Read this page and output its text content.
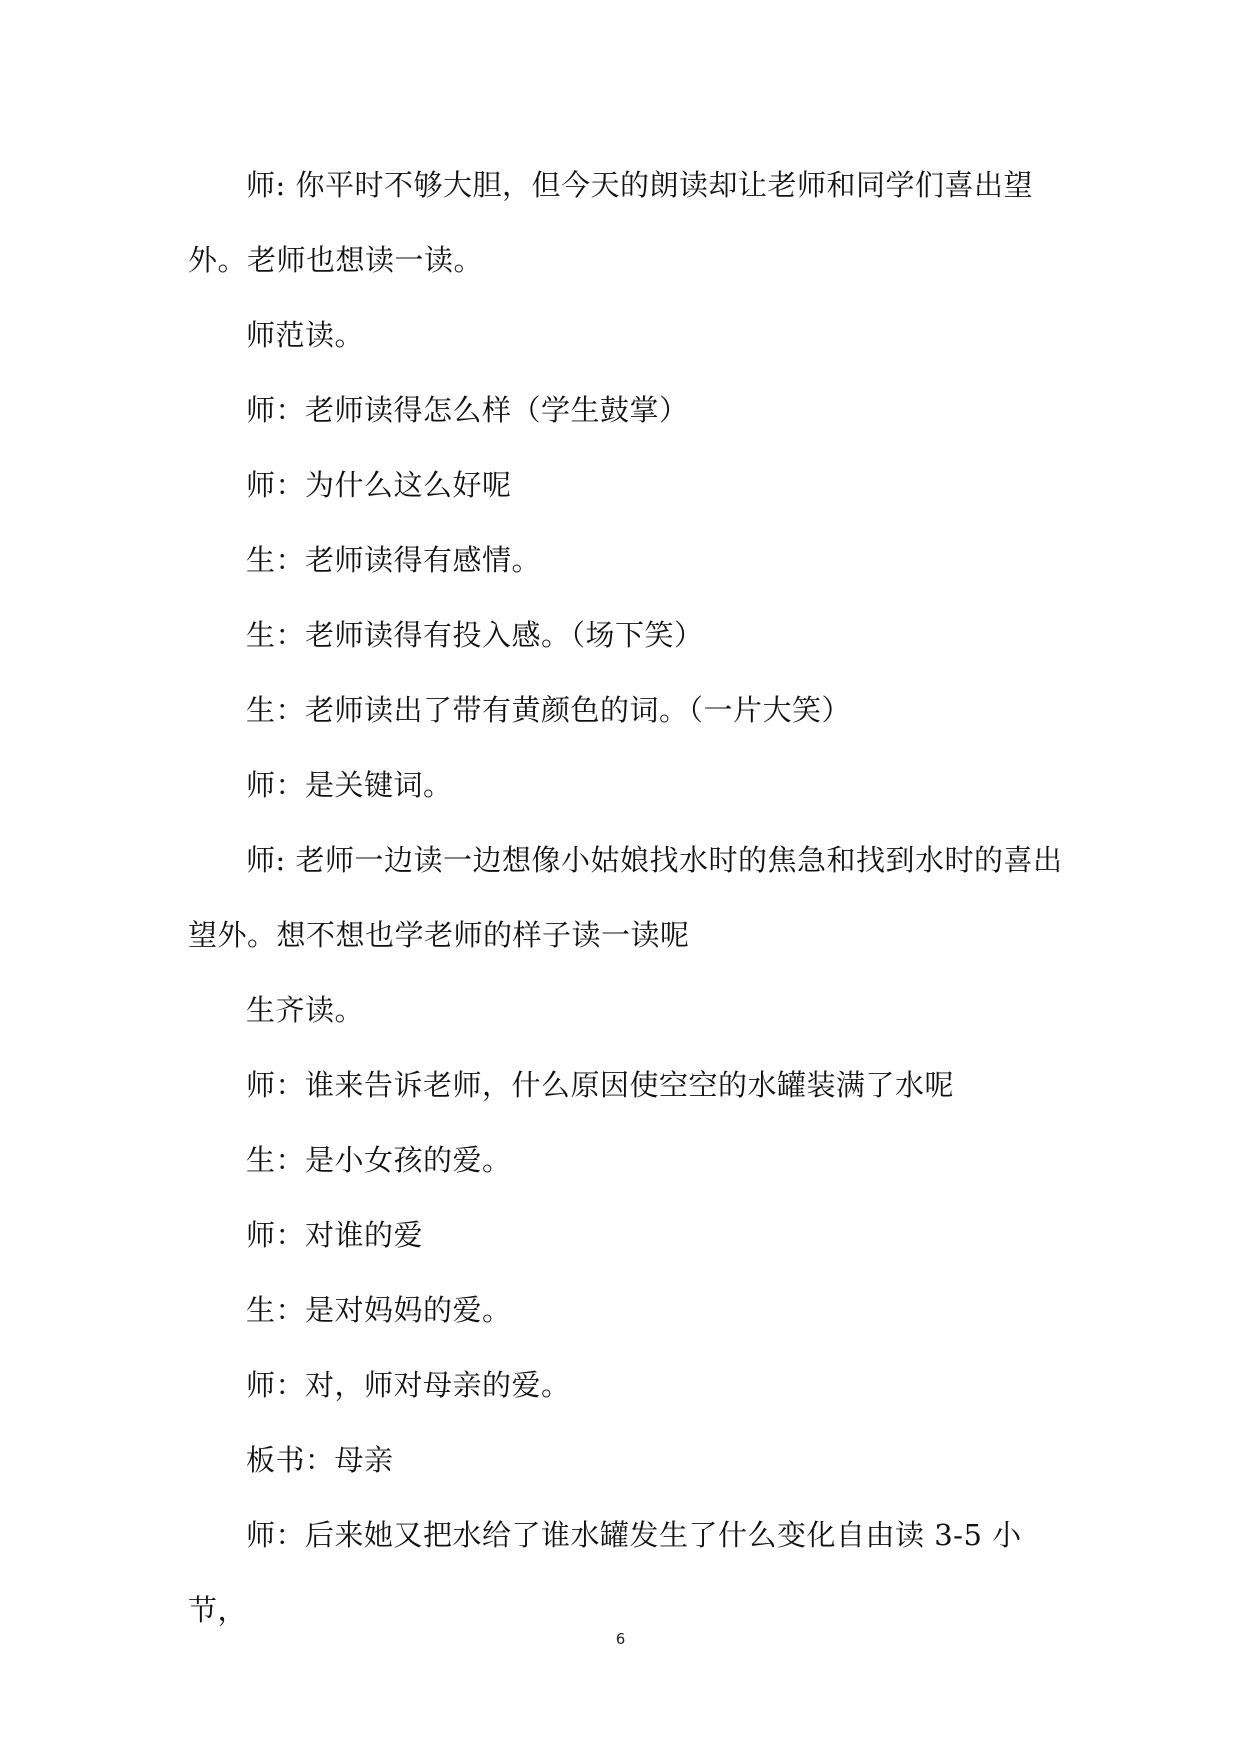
师: 你平时不够大胆，但今天的朗读却让老师和同学们喜出望外。老师也想读一读。

师范读。

师：老师读得怎么样（学生鼓掌）

师：为什么这么好呢

生：老师读得有感情。

生：老师读得有投入感。（场下笑）

生：老师读出了带有黄颜色的词。（一片大笑）

师：是关键词。

师: 老师一边读一边想像小姑娘找水时的焦急和找到水时的喜出望外。想不想也学老师的样子读一读呢

生齐读。

师：谁来告诉老师，什么原因使空空的水罐装满了水呢

生：是小女孩的爱。

师：对谁的爱

生：是对妈妈的爱。

师：对，师对母亲的爱。

板书：母亲

师：后来她又把水给了谁水罐发生了什么变化自由读 3-5 小节，

6
